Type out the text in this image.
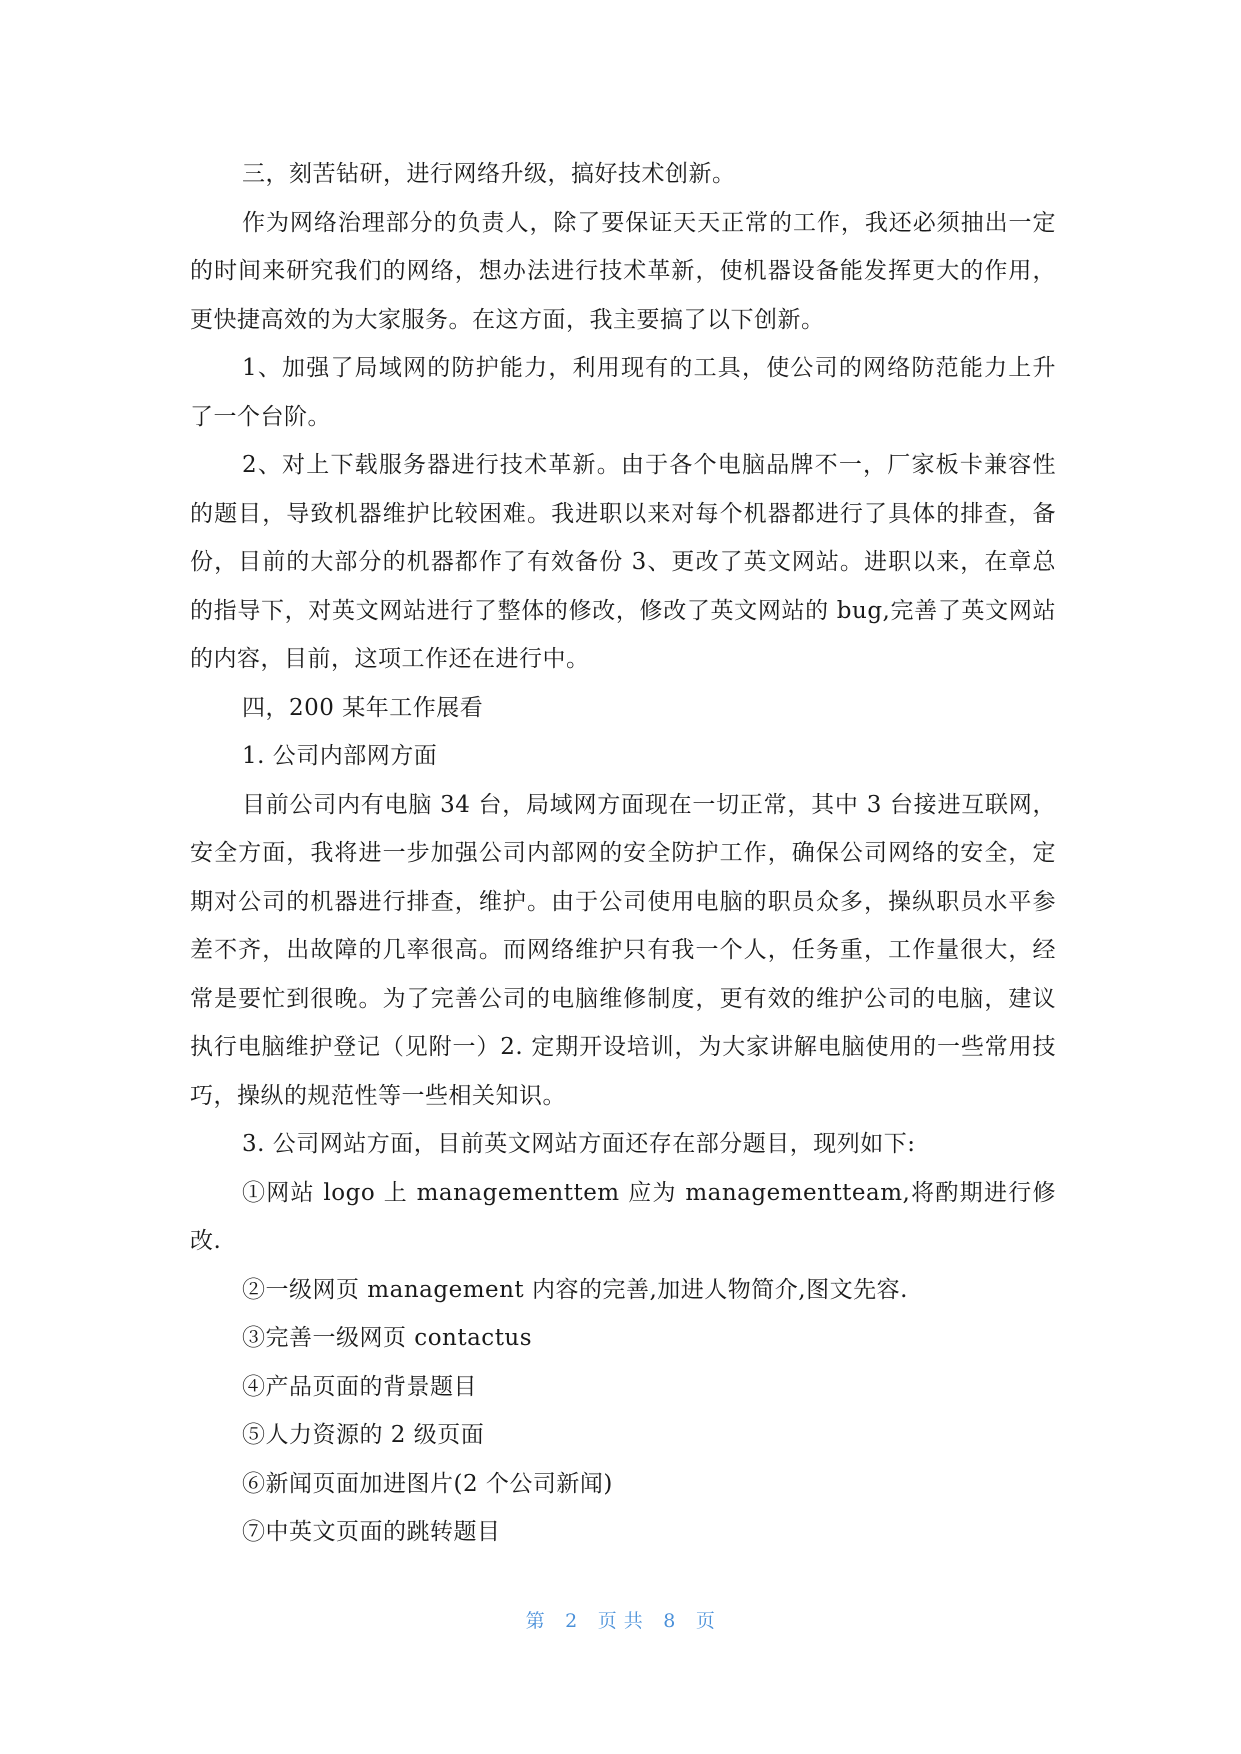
三，刻苦钻研，进行网络升级，搞好技术创新。

作为网络治理部分的负责人，除了要保证天天正常的工作，我还必须抽出一定的时间来研究我们的网络，想办法进行技术革新，使机器设备能发挥更大的作用，更快捷高效的为大家服务。在这方面，我主要搞了以下创新。

1、加强了局域网的防护能力，利用现有的工具，使公司的网络防范能力上升了一个台阶。

2、对上下载服务器进行技术革新。由于各个电脑品牌不一，厂家板卡兼容性的题目，导致机器维护比较困难。我进职以来对每个机器都进行了具体的排查，备份，目前的大部分的机器都作了有效备份 3、更改了英文网站。进职以来，在章总的指导下，对英文网站进行了整体的修改，修改了英文网站的 bug,完善了英文网站的内容，目前，这项工作还在进行中。

四，200 某年工作展看

1. 公司内部网方面

目前公司内有电脑 34 台，局域网方面现在一切正常，其中 3 台接进互联网，安全方面，我将进一步加强公司内部网的安全防护工作，确保公司网络的安全，定期对公司的机器进行排查，维护。由于公司使用电脑的职员众多，操纵职员水平参差不齐，出故障的几率很高。而网络维护只有我一个人，任务重，工作量很大，经常是要忙到很晚。为了完善公司的电脑维修制度，更有效的维护公司的电脑，建议执行电脑维护登记（见附一）2. 定期开设培训，为大家讲解电脑使用的一些常用技巧，操纵的规范性等一些相关知识。

3. 公司网站方面，目前英文网站方面还存在部分题目，现列如下:

①网站 logo 上 managementtem 应为 managementteam,将酌期进行修改.

②一级网页 management 内容的完善,加进人物简介,图文先容.

③完善一级网页 contactus

④产品页面的背景题目

⑤人力资源的 2 级页面

⑥新闻页面加进图片(2 个公司新闻)

⑦中英文页面的跳转题目

第 2 页 共 8 页
